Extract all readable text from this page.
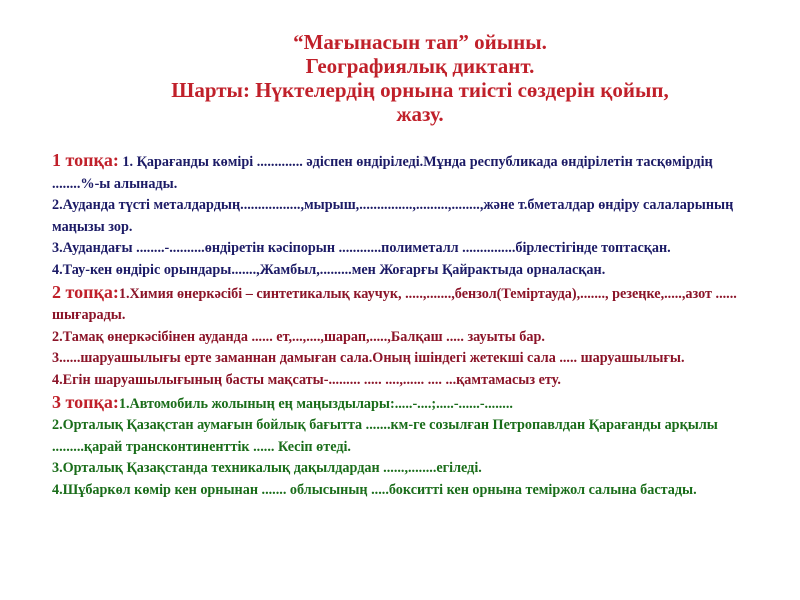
“Мағынасын тап” ойыны.

Географиялық диктант.

Шарты: Нүктелердің орнына тиісті сөздерін қойып,

жазу.

1 топқа: 1. Қарағанды көмірі ............. әдіспен өндіріледі.Мұнда республикада өндірілетін тасқөмірдің ........%-ы алынады.

2.Ауданда түсті металдардың.................,мырыш,...............,.........,........,және т.бметалдар өндіру салаларының маңызы зор.

3.Аудандағы ........-..........өндіретін кәсіпорын ............полиметалл ...............бірлестігінде топтасқан.

4.Тау-кен өндіріс орындары.......,Жамбыл,.........мен Жоғарғы Қайрактыда орналасқан.

2 топқа:1.Химия өнеркәсібі – синтетикалық каучук, .....,.......,бензол(Теміртауда),......., резеңке,.....,азот ...... шығарады.

2.Тамақ өнеркәсібінен ауданда ...... ет,...,....,шарап,.....,Балқаш ..... зауыты бар.

3......шаруашылығы ерте заманнан дамыған сала.Оның ішіндегі жетекші сала ..... шаруашылығы.

4.Егін шаруашылығының басты мақсаты-......... ..... ....,...... .... ...қамтамасыз ету.

3 топқа:1.Автомобиль жолының ең маңыздылары:.....-....;.....-......-........

2.Орталық Қазақстан аумағын бойлық бағытта .......км-ге созылған Петропавлдан Қарағанды арқылы .........қарай трансконтиненттік ...... Кесіп өтеді.

3.Орталық Қазақстанда техникалық дақылдардан ......,........егіледі.

4.Шұбаркөл көмір кен орнынан ....... облысының .....бокситті кен орнына теміржол салына бастады.
